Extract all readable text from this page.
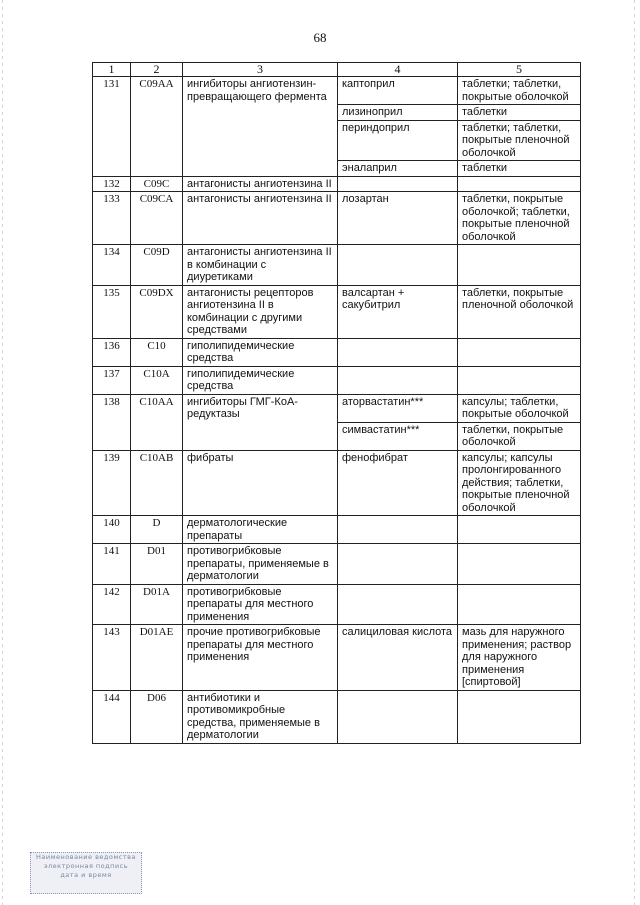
68
1	2	3	4	5
131	C09AA	ингибиторы ангиотензин-превращающего фермента	каптоприл	таблетки; таблетки, покрытые оболочкой
			лизиноприл	таблетки
			периндоприл	таблетки; таблетки, покрытые пленочной оболочкой
			эналаприл	таблетки
132	C09C	антагонисты ангиотензина II		
133	C09CA	антагонисты ангиотензина II	лозартан	таблетки, покрытые оболочкой; таблетки, покрытые пленочной оболочкой
134	C09D	антагонисты ангиотензина II в комбинации с диуретиками		
135	C09DX	антагонисты рецепторов ангиотензина II в комбинации с другими средствами	валсартан + сакубитрил	таблетки, покрытые пленочной оболочкой
136	C10	гиполипидемические средства		
137	C10A	гиполипидемические средства		
138	C10AA	ингибиторы ГМГ-КоА-редуктазы	аторвастатин***	капсулы; таблетки, покрытые оболочкой
			симвастатин***	таблетки, покрытые оболочкой
139	C10AB	фибраты	фенофибрат	капсулы; капсулы пролонгированного действия; таблетки, покрытые пленочной оболочкой
140	D	дерматологические препараты		
141	D01	противогрибковые препараты, применяемые в дерматологии		
142	D01A	противогрибковые препараты для местного применения		
143	D01AE	прочие противогрибковые препараты для местного применения	салициловая кислота	мазь для наружного применения; раствор для наружного применения [спиртовой]
144	D06	антибиотики и противомикробные средства, применяемые в дерматологии		
Наименование ведомства
электронная подпись
дата и время
